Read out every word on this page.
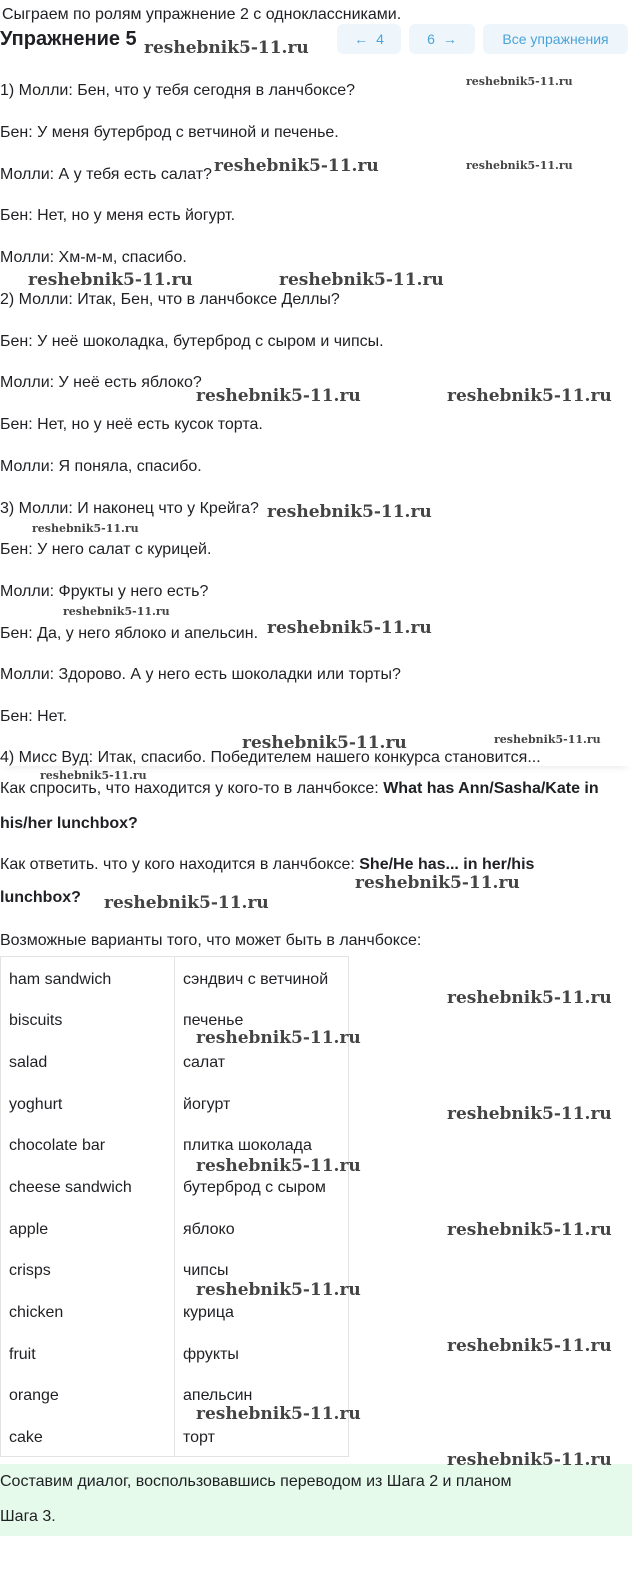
Сыграем по ролям упражнение 2 с одноклассниками.
Упражнение 5	← 4	6 →	Все упражнения
1) Молли: Бен, что у тебя сегодня в ланчбоксе?
Бен: У меня бутерброд с ветчиной и печенье.
Молли: А у тебя есть салат?
Бен: Нет, но у меня есть йогурт.
Молли: Хм-м-м, спасибо.
2) Молли: Итак, Бен, что в ланчбоксе Деллы?
Бен: У неё шоколадка, бутерброд с сыром и чипсы.
Молли: У неё есть яблоко?
Бен: Нет, но у неё есть кусок торта.
Молли: Я поняла, спасибо.
3) Молли: И наконец что у Крейга?
Бен: У него салат с курицей.
Молли: Фрукты у него есть?
Бен: Да, у него яблоко и апельсин.
Молли: Здорово. А у него есть шоколадки или торты?
Бен: Нет.
4) Мисс Вуд: Итак, спасибо. Победителем нашего конкурса становится...
Как спросить, что находится у кого-то в ланчбоксе: What has Ann/Sasha/Kate in
his/her lunchbox?
Как ответить. что у кого находится в ланчбоксе: She/He has... in her/his
lunchbox?
Возможные варианты того, что может быть в ланчбоксе:
ham sandwich	сэндвич с ветчиной
biscuits	печенье
salad	салат
yoghurt	йогурт
chocolate bar	плитка шоколада
cheese sandwich	бутерброд с сыром
apple	яблоко
crisps	чипсы
chicken	курица
fruit	фрукты
orange	апельсин
cake	торт
Составим диалог, воспользовавшись переводом из Шага 2 и планом
Шага 3.
reshebnik5-11.ru
reshebnik5-11.ru
reshebnik5-11.ru	reshebnik5-11.ru
reshebnik5-11.ru	reshebnik5-11.ru
reshebnik5-11.ru	reshebnik5-11.ru
reshebnik5-11.ru
reshebnik5-11.ru
reshebnik5-11.ru
reshebnik5-11.ru
reshebnik5-11.ru	reshebnik5-11.ru
reshebnik5-11.ru
reshebnik5-11.ru
reshebnik5-11.ru
reshebnik5-11.ru
reshebnik5-11.ru
reshebnik5-11.ru
reshebnik5-11.ru
reshebnik5-11.ru
reshebnik5-11.ru
reshebnik5-11.ru
reshebnik5-11.ru
reshebnik5-11.ru
